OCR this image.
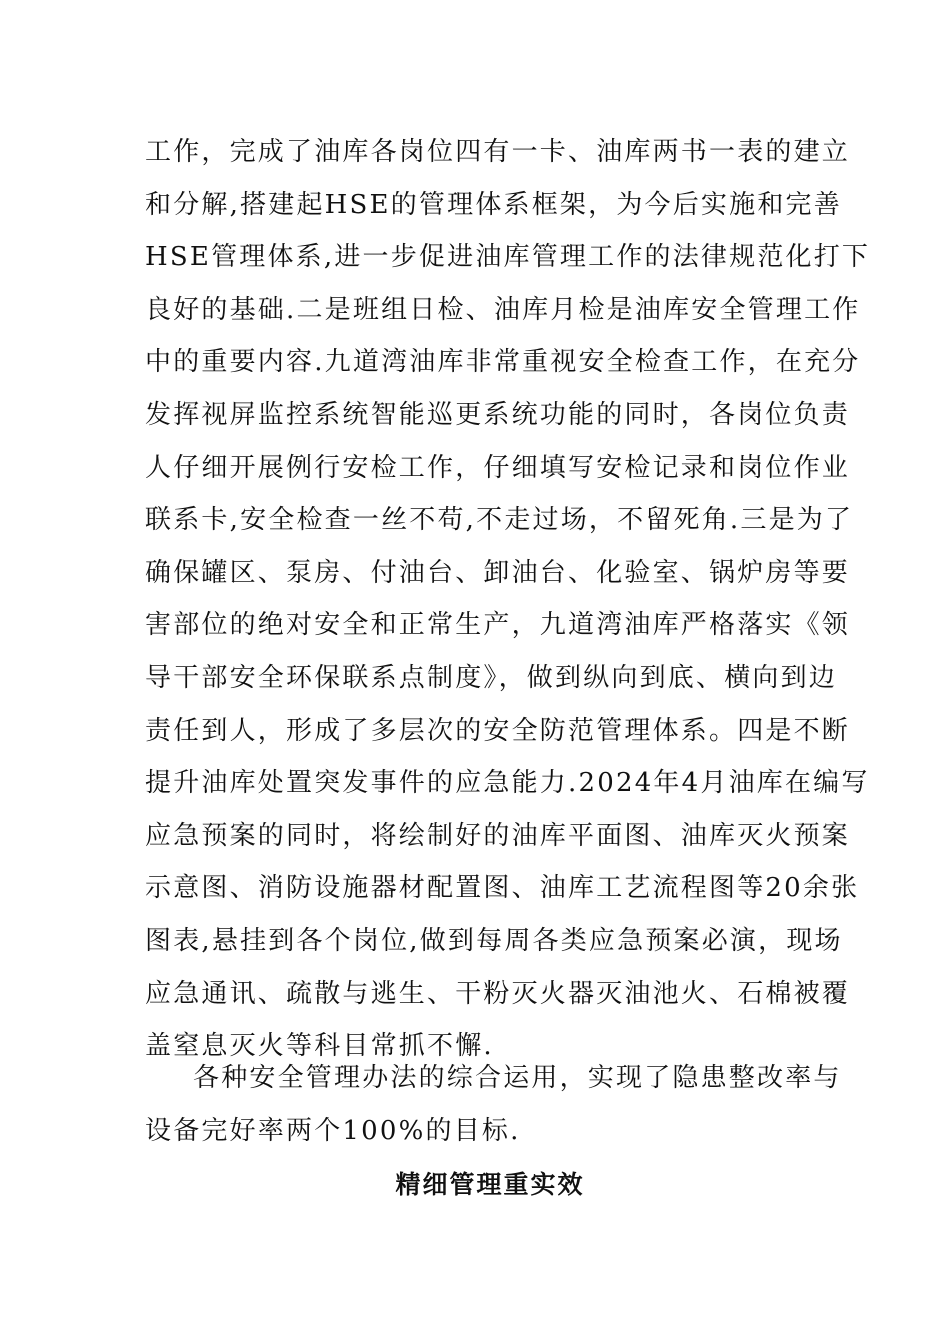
工作，完成了油库各岗位四有一卡、油库两书一表的建立
和分解,搭建起HSE的管理体系框架，为今后实施和完善
HSE管理体系,进一步促进油库管理工作的法律规范化打下
良好的基础.二是班组日检、油库月检是油库安全管理工作
中的重要内容.九道湾油库非常重视安全检查工作，在充分
发挥视屏监控系统智能巡更系统功能的同时，各岗位负责
人仔细开展例行安检工作，仔细填写安检记录和岗位作业
联系卡,安全检查一丝不苟,不走过场，不留死角.三是为了
确保罐区、泵房、付油台、卸油台、化验室、锅炉房等要
害部位的绝对安全和正常生产，九道湾油库严格落实《领
导干部安全环保联系点制度》，做到纵向到底、横向到边
责任到人，形成了多层次的安全防范管理体系。四是不断
提升油库处置突发事件的应急能力.2024年4月油库在编写
应急预案的同时，将绘制好的油库平面图、油库灭火预案
示意图、消防设施器材配置图、油库工艺流程图等20余张
图表,悬挂到各个岗位,做到每周各类应急预案必演，现场
应急通讯、疏散与逃生、干粉灭火器灭油池火、石棉被覆
盖窒息灭火等科目常抓不懈.
各种安全管理办法的综合运用，实现了隐患整改率与
设备完好率两个100%的目标.
精细管理重实效
